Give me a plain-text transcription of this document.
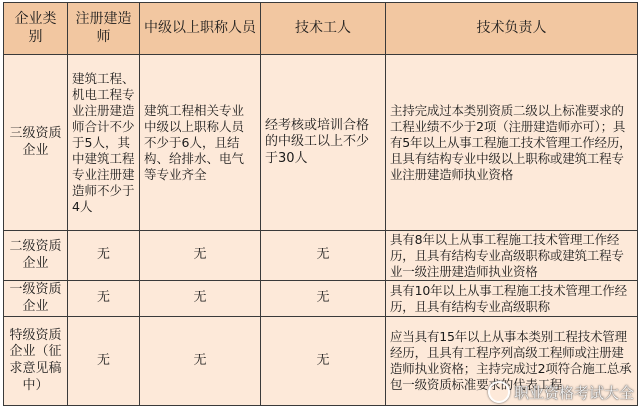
企业类别	注册建造师	中级以上职称人员	技术工人	技术负责人
三级资质企业	建筑工程、机电工程专业注册建造师合计不少于5人，其中建筑工程专业注册建造师不少于4人	建筑工程相关专业中级以上职称人员不少于6人，且结构、给排水、电气等专业齐全	经考核或培训合格的中级工以上不少于30人	主持完成过本类别资质二级以上标准要求的工程业绩不少于2项（注册建造师亦可）；具有5年以上从事工程施工技术管理工作经历，且具有结构专业中级以上职称或建筑工程专业注册建造师执业资格
二级资质企业	无	无	无	具有8年以上从事工程施工技术管理工作经历，且具有结构专业高级职称或建筑工程专业一级注册建造师执业资格
一级资质企业	无	无	无	具有10年以上从事工程施工技术管理工作经历，且具有结构专业高级职称
特级资质企业（征求意见稿中）	无	无	无	应当具有15年以上从事本类别工程技术管理经历，且具有工程序列高级工程师或注册建造师执业资格；主持完成过2项符合施工总承包一级资质标准要求的代表工程
职业资格考试大全
